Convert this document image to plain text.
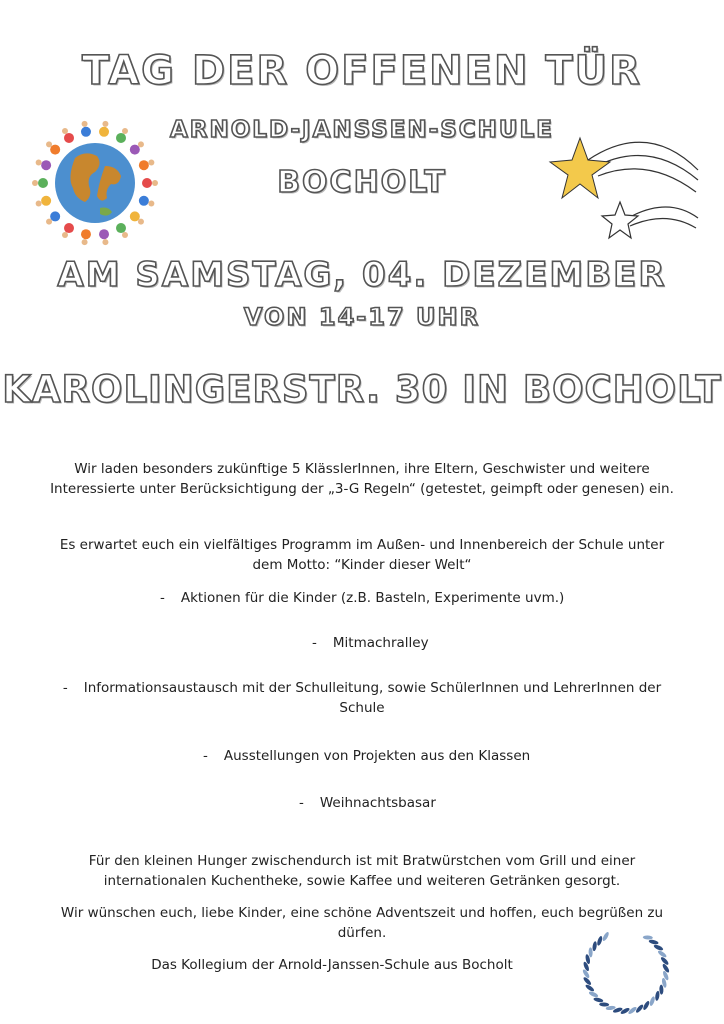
TAG DER OFFENEN TÜR
ARNOLD-JANSSEN-SCHULE
BOCHOLT
AM SAMSTAG, 04. DEZEMBER
VON 14-17 UHR
KAROLINGERSTR. 30 IN BOCHOLT
Wir laden besonders zukünftige 5 KlässlerInnen, ihre Eltern, Geschwister und weitere Interessierte unter Berücksichtigung der „3-G Regeln“ (getestet, geimpft oder genesen) ein.
Es erwartet euch ein vielfältiges Programm im Außen- und Innenbereich der Schule unter dem Motto: “Kinder dieser Welt“
- Aktionen für die Kinder (z.B. Basteln, Experimente uvm.)
- Mitmachralley
- Informationsaustausch mit der Schulleitung, sowie SchülerInnen und LehrerInnen der Schule
- Ausstellungen von Projekten aus den Klassen
- Weihnachtsbasar
Für den kleinen Hunger zwischendurch ist mit Bratwürstchen vom Grill und einer internationalen Kuchentheke, sowie Kaffee und weiteren Getränken gesorgt.
Wir wünschen euch, liebe Kinder, eine schöne Adventszeit und hoffen, euch begrüßen zu dürfen.
Das Kollegium der Arnold-Janssen-Schule aus Bocholt
